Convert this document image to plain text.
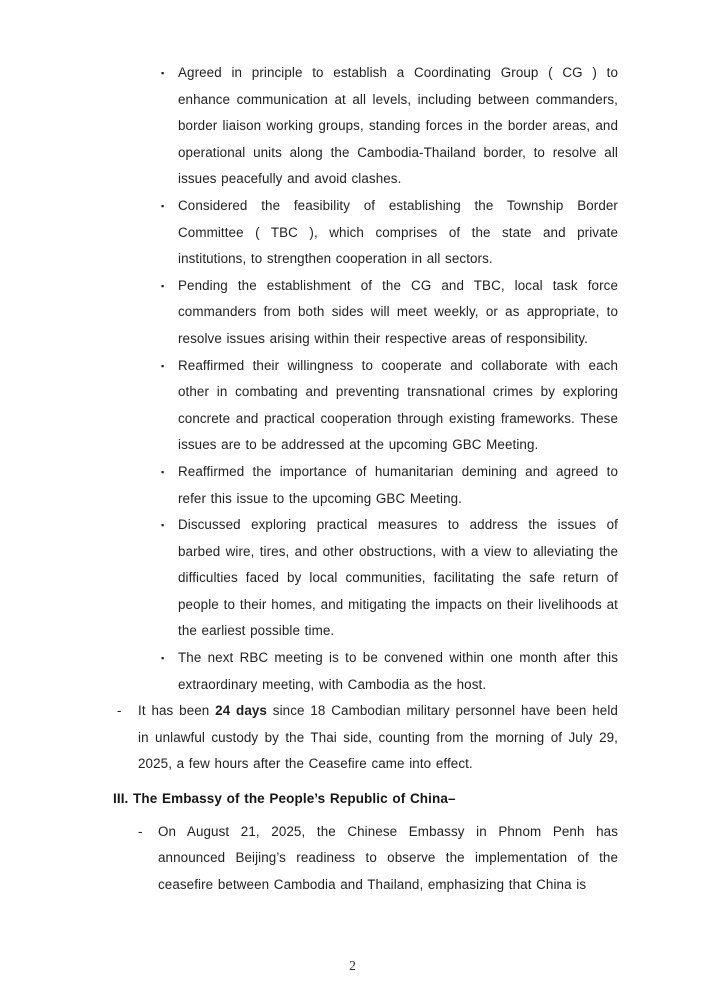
▪ Agreed in principle to establish a Coordinating Group ( CG ) to enhance communication at all levels, including between commanders, border liaison working groups, standing forces in the border areas, and operational units along the Cambodia-Thailand border, to resolve all issues peacefully and avoid clashes.
▪ Considered the feasibility of establishing the Township Border Committee ( TBC ), which comprises of the state and private institutions, to strengthen cooperation in all sectors.
▪ Pending the establishment of the CG and TBC, local task force commanders from both sides will meet weekly, or as appropriate, to resolve issues arising within their respective areas of responsibility.
▪ Reaffirmed their willingness to cooperate and collaborate with each other in combating and preventing transnational crimes by exploring concrete and practical cooperation through existing frameworks. These issues are to be addressed at the upcoming GBC Meeting.
▪ Reaffirmed the importance of humanitarian demining and agreed to refer this issue to the upcoming GBC Meeting.
▪ Discussed exploring practical measures to address the issues of barbed wire, tires, and other obstructions, with a view to alleviating the difficulties faced by local communities, facilitating the safe return of people to their homes, and mitigating the impacts on their livelihoods at the earliest possible time.
▪ The next RBC meeting is to be convened within one month after this extraordinary meeting, with Cambodia as the host.
- It has been 24 days since 18 Cambodian military personnel have been held in unlawful custody by the Thai side, counting from the morning of July 29, 2025, a few hours after the Ceasefire came into effect.
III. The Embassy of the People’s Republic of China–
- On August 21, 2025, the Chinese Embassy in Phnom Penh has announced Beijing’s readiness to observe the implementation of the ceasefire between Cambodia and Thailand, emphasizing that China is
2
